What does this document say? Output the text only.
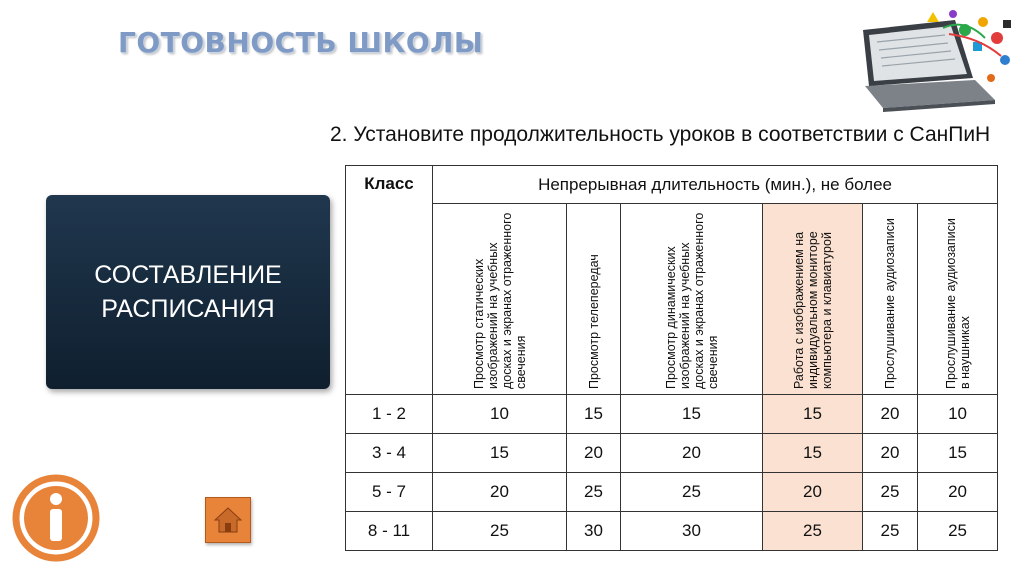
ГОТОВНОСТЬ ШКОЛЫ
2. Установите продолжительность уроков в соответствии с СанПиН
СОСТАВЛЕНИЕ
РАСПИСАНИЯ
Класс	Непрерывная длительность (мин.), не более					

	Просмотр статических изображений на учебных досках и экранах отраженного свечения	Просмотр телепередач	Просмотр динамических изображений на учебных досках и экранах отраженного свечения	Работа с изображением на индивидуальном мониторе компьютера и клавиатурой	Прослушивание аудиозаписи	Прослушивание аудиозаписи в наушниках

1 - 2	10	15	15	15	20	10
3 - 4	15	20	20	15	20	15
5 - 7	20	25	25	20	25	20
8 - 11	25	30	30	25	25	25
